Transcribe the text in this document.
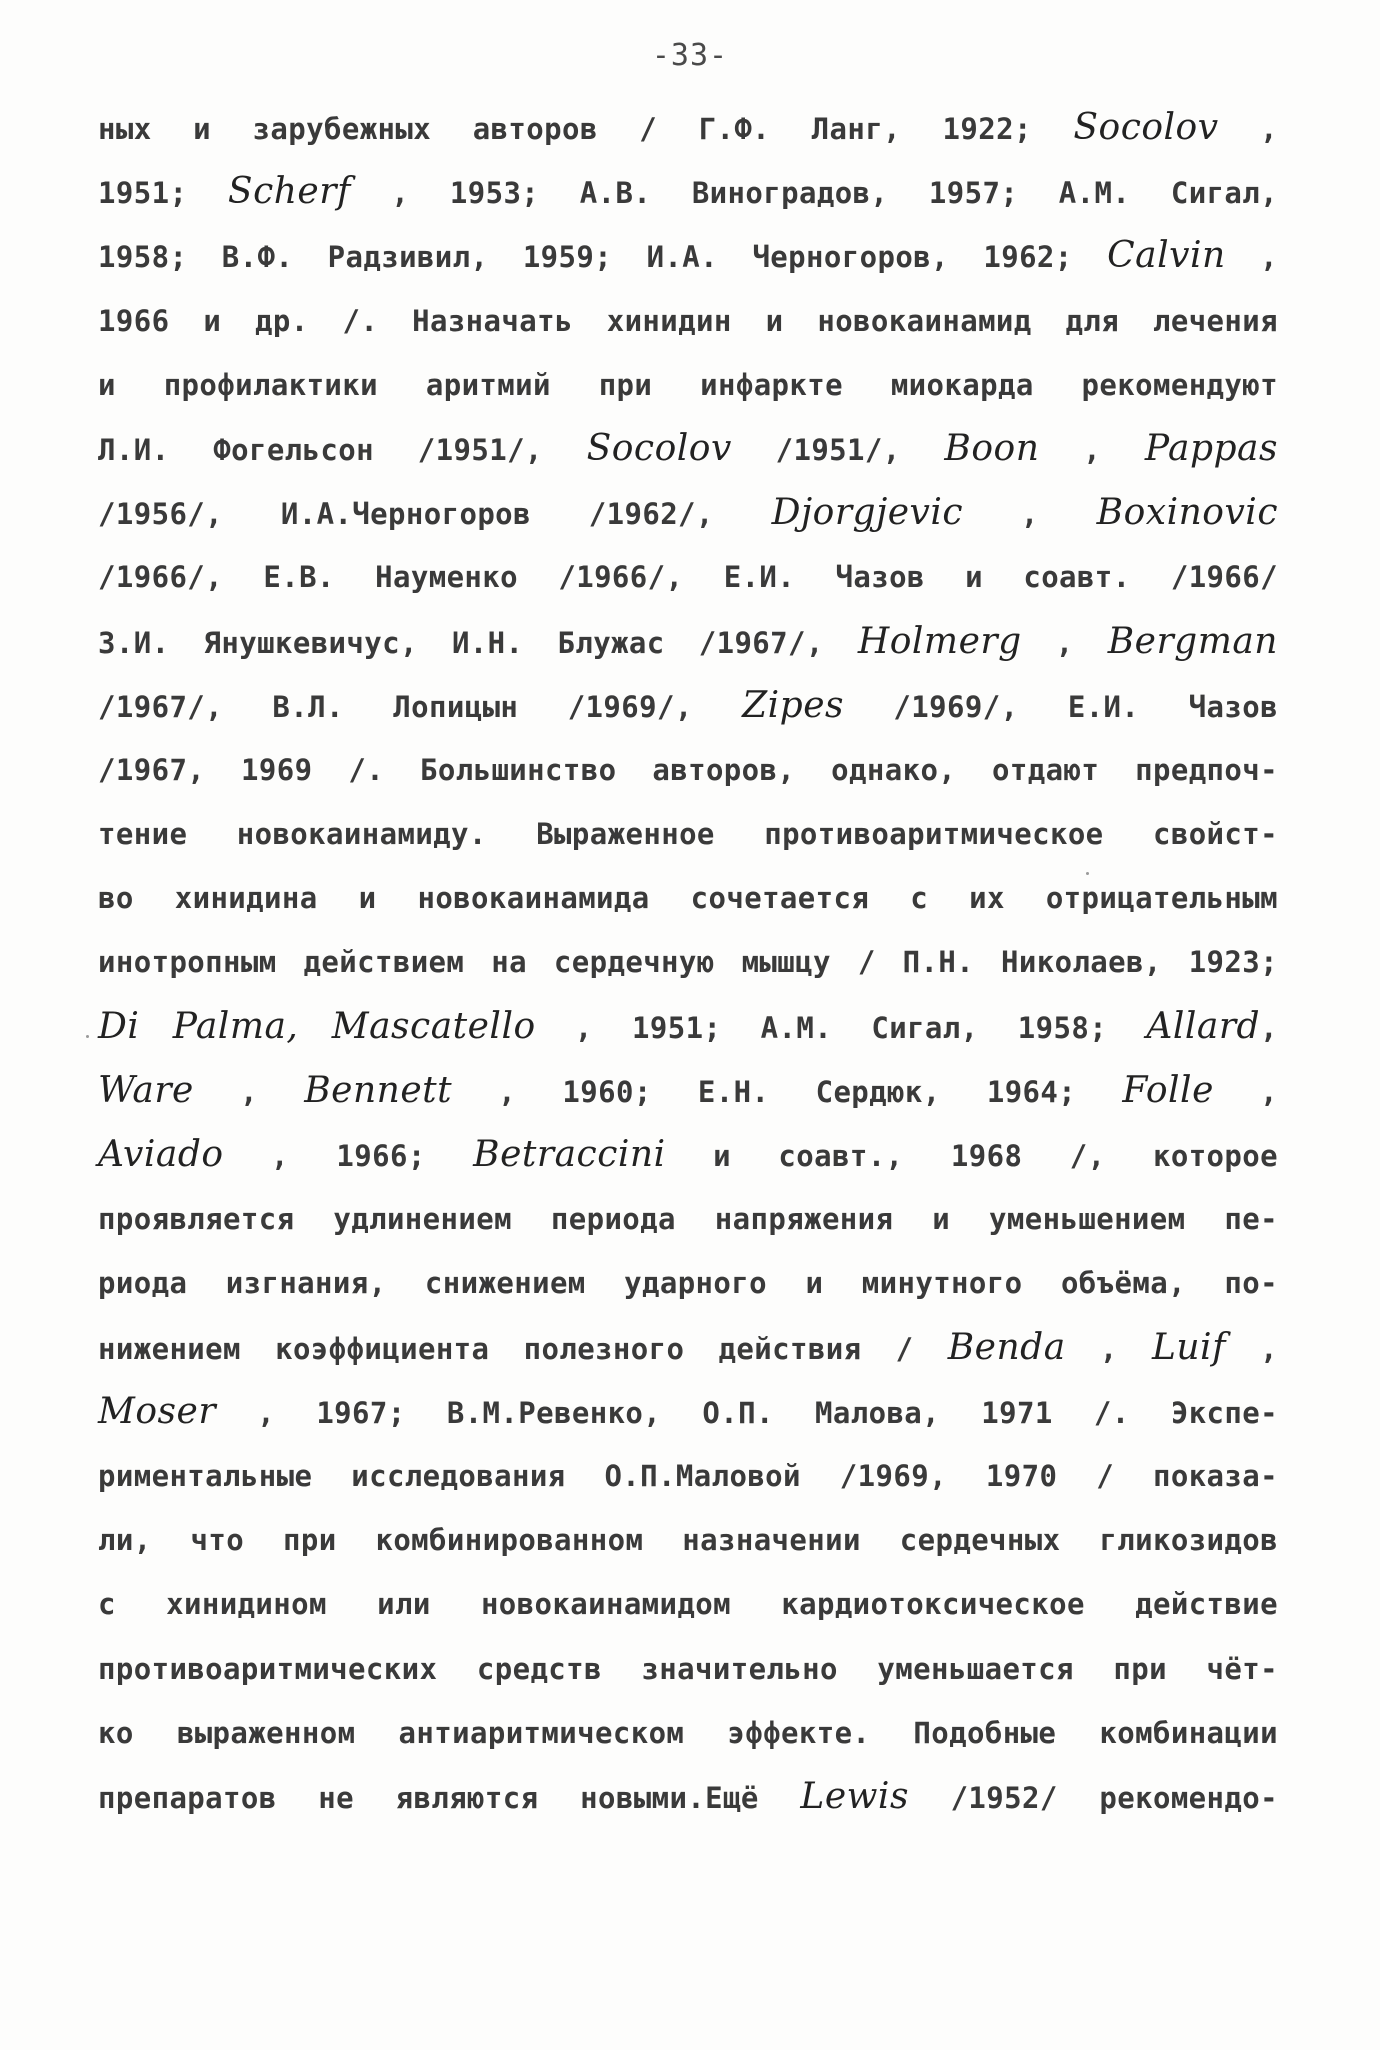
-33-
ных и зарубежных авторов / Г.Ф. Ланг, 1922; Socolov ,
1951; Scherf , 1953; А.В. Виноградов, 1957; А.М. Сигал,
1958; В.Ф. Радзивил, 1959; И.А. Черногоров, 1962; Calvin ,
1966 и др. /. Назначать хинидин и новокаинамид для лечения
и профилактики аритмий при инфаркте миокарда рекомендуют
Л.И. Фогельсон /1951/, Socolov /1951/, Boon , Pappas
/1956/, И.А.Черногоров /1962/, Djorgjevic , Boxinovic
/1966/, Е.В. Науменко /1966/, Е.И. Чазов и соавт. /1966/
З.И. Янушкевичус, И.Н. Блужас /1967/, Holmerg , Bergman
/1967/, В.Л. Лопицын /1969/, Zipes /1969/, Е.И. Чазов
/1967, 1969 /. Большинство авторов, однако, отдают предпоч-
тение новокаинамиду. Выраженное противоаритмическое свойст-
во хинидина и новокаинамида сочетается с их отрицательным
инотропным действием на сердечную мышцу / П.Н. Николаев, 1923;
Di Palma, Mascatello , 1951; А.М. Сигал, 1958; Allard,
Ware , Bennett , 1960; Е.Н. Сердюк, 1964; Folle ,
Aviado , 1966; Betraccini и соавт., 1968 /, которое
проявляется удлинением периода напряжения и уменьшением пе-
риода изгнания, снижением ударного и минутного объёма, по-
нижением коэффициента полезного действия / Benda , Luif ,
Moser , 1967; В.М.Ревенко, О.П. Малова, 1971 /. Экспе-
риментальные исследования О.П.Маловой /1969, 1970 / показа-
ли, что при комбинированном назначении сердечных гликозидов
с хинидином или новокаинамидом кардиотоксическое действие
противоаритмических средств значительно уменьшается при чёт-
ко выраженном антиаритмическом эффекте. Подобные комбинации
препаратов не являются новыми.Ещё Lewis /1952/ рекомендо-
